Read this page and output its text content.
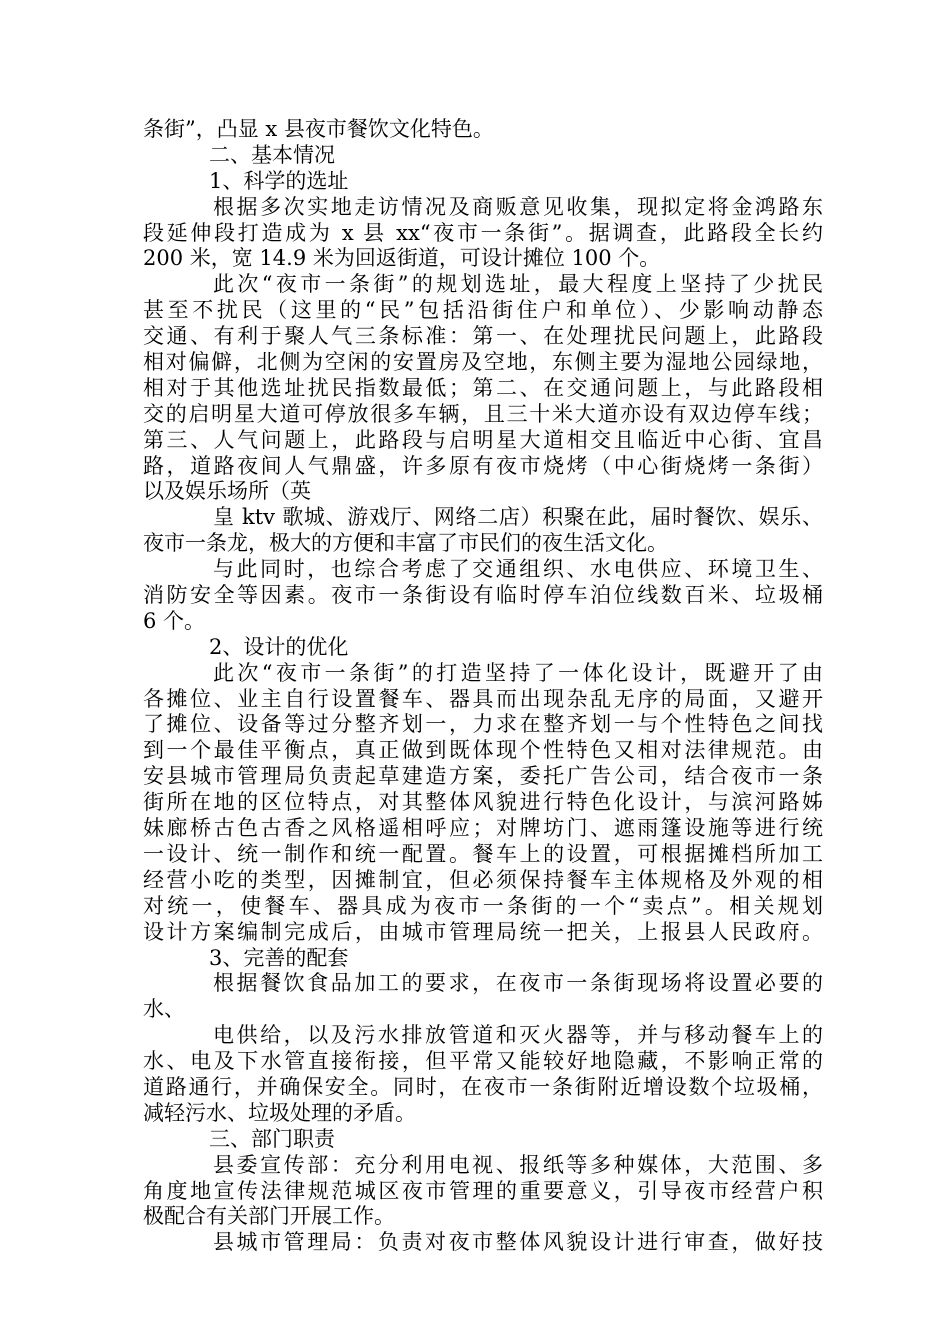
条街”，凸显 x 县夜市餐饮文化特色。
二、基本情况
1、科学的选址
根据多次实地走访情况及商贩意见收集，现拟定将金鸿路东
段延伸段打造成为 x 县 xx“夜市一条街”。据调查，此路段全长约
200 米，宽 14.9 米为回返街道，可设计摊位 100 个。
此次“夜市一条街”的规划选址，最大程度上坚持了少扰民
甚至不扰民（这里的“民”包括沿街住户和单位）、少影响动静态
交通、有利于聚人气三条标准：第一、在处理扰民问题上，此路段
相对偏僻，北侧为空闲的安置房及空地，东侧主要为湿地公园绿地，
相对于其他选址扰民指数最低；第二、在交通问题上，与此路段相
交的启明星大道可停放很多车辆，且三十米大道亦设有双边停车线；
第三、人气问题上，此路段与启明星大道相交且临近中心街、宜昌
路，道路夜间人气鼎盛，许多原有夜市烧烤（中心街烧烤一条街）
以及娱乐场所（英
皇 ktv 歌城、游戏厅、网络二店）积聚在此，届时餐饮、娱乐、
夜市一条龙，极大的方便和丰富了市民们的夜生活文化。
与此同时，也综合考虑了交通组织、水电供应、环境卫生、
消防安全等因素。夜市一条街设有临时停车泊位线数百米、垃圾桶
6 个。
2、设计的优化
此次“夜市一条街”的打造坚持了一体化设计，既避开了由
各摊位、业主自行设置餐车、器具而出现杂乱无序的局面，又避开
了摊位、设备等过分整齐划一，力求在整齐划一与个性特色之间找
到一个最佳平衡点，真正做到既体现个性特色又相对法律规范。由
安县城市管理局负责起草建造方案，委托广告公司，结合夜市一条
街所在地的区位特点，对其整体风貌进行特色化设计，与滨河路姊
妹廊桥古色古香之风格遥相呼应；对牌坊门、遮雨篷设施等进行统
一设计、统一制作和统一配置。餐车上的设置，可根据摊档所加工
经营小吃的类型，因摊制宜，但必须保持餐车主体规格及外观的相
对统一，使餐车、器具成为夜市一条街的一个“卖点”。相关规划
设计方案编制完成后，由城市管理局统一把关，上报县人民政府。
3、完善的配套
根据餐饮食品加工的要求，在夜市一条街现场将设置必要的
水、
电供给，以及污水排放管道和灭火器等，并与移动餐车上的
水、电及下水管直接衔接，但平常又能较好地隐藏，不影响正常的
道路通行，并确保安全。同时，在夜市一条街附近增设数个垃圾桶，
减轻污水、垃圾处理的矛盾。
三、部门职责
县委宣传部：充分利用电视、报纸等多种媒体，大范围、多
角度地宣传法律规范城区夜市管理的重要意义，引导夜市经营户积
极配合有关部门开展工作。
县城市管理局：负责对夜市整体风貌设计进行审查，做好技
